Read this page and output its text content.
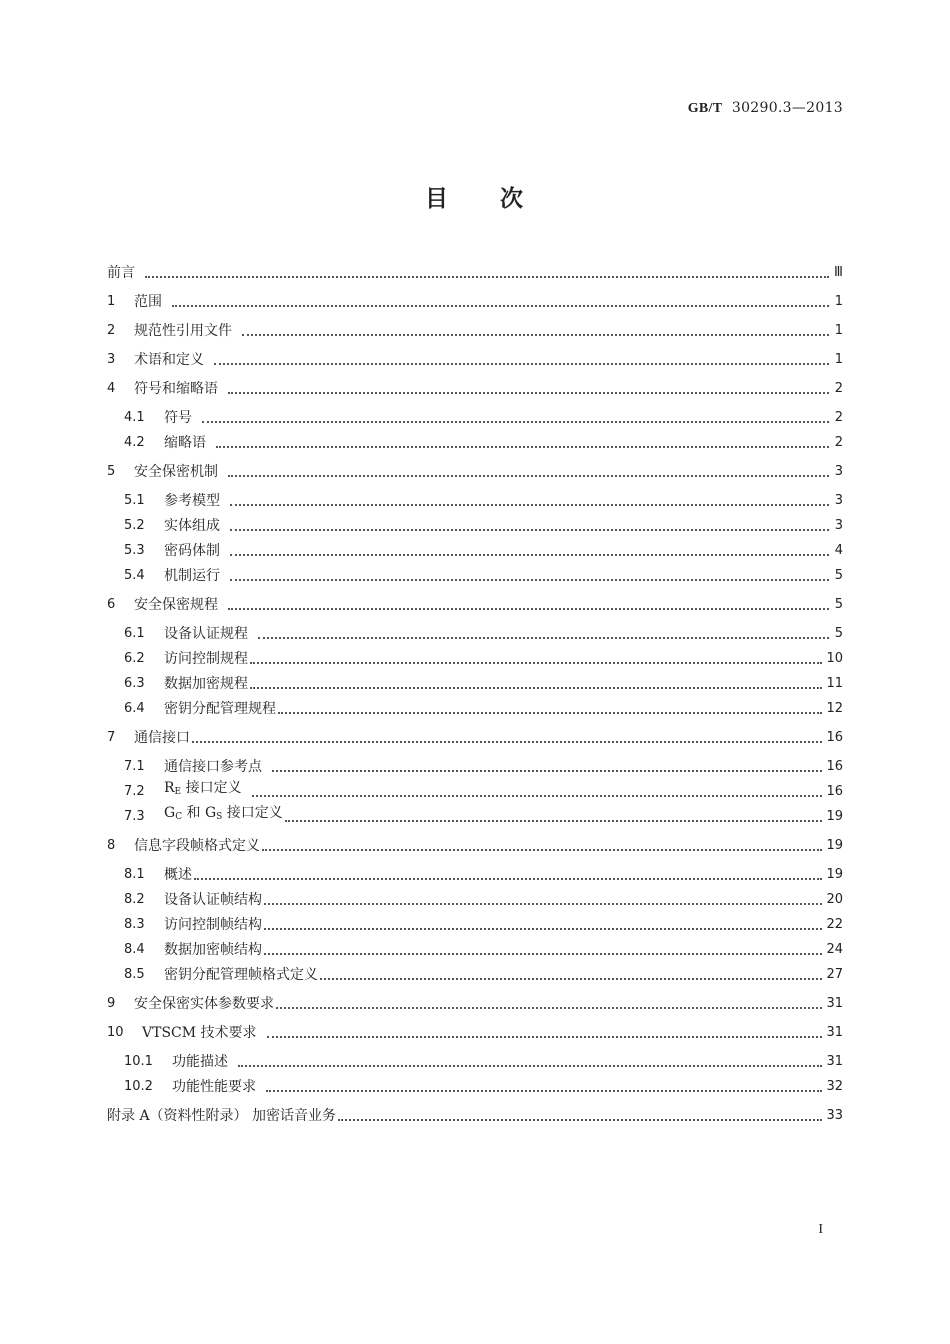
GB/T 30290.3—2013
目 次
前言	Ⅲ
1	范围	1
2	规范性引用文件	1
3	术语和定义	1
4	符号和缩略语	2
4.1	符号	2
4.2	缩略语	2
5	安全保密机制	3
5.1	参考模型	3
5.2	实体组成	3
5.3	密码体制	4
5.4	机制运行	5
6	安全保密规程	5
6.1	设备认证规程	5
6.2	访问控制规程	10
6.3	数据加密规程	11
6.4	密钥分配管理规程	12
7	通信接口	16
7.1	通信接口参考点	16
7.2	$R_E$ 接口定义	16
7.3	$G_C$ 和 $G_S$ 接口定义	19
8	信息字段帧格式定义	19
8.1	概述	19
8.2	设备认证帧结构	20
8.3	访问控制帧结构	22
8.4	数据加密帧结构	24
8.5	密钥分配管理帧格式定义	27
9	安全保密实体参数要求	31
10	VTSCM 技术要求	31
10.1	功能描述	31
10.2	功能性能要求	32
附录 A（资料性附录） 加密话音业务	33
I
